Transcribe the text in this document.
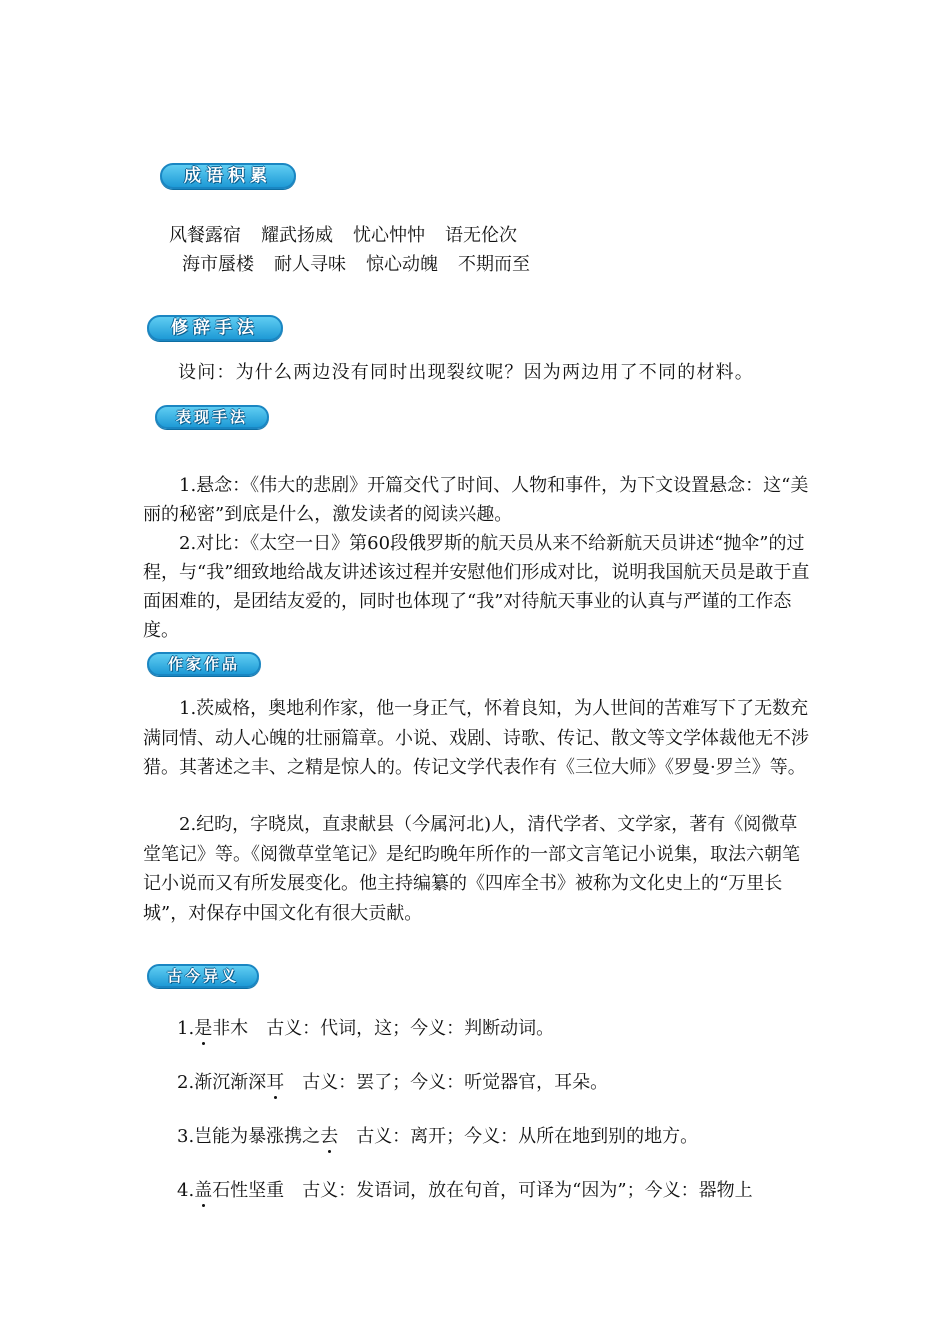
成语积累
风餐露宿 耀武扬威 忧心忡忡 语无伦次
海市蜃楼 耐人寻味 惊心动魄 不期而至
修辞手法
设问：为什么两边没有同时出现裂纹呢？因为两边用了不同的材料。
表现手法
1.悬念：《伟大的悲剧》开篇交代了时间、人物和事件，为下文设置悬念：这“美丽的秘密”到底是什么，激发读者的阅读兴趣。
2.对比：《太空一日》第60段俄罗斯的航天员从来不给新航天员讲述“抛伞”的过程，与“我”细致地给战友讲述该过程并安慰他们形成对比，说明我国航天员是敢于直面困难的，是团结友爱的，同时也体现了“我”对待航天事业的认真与严谨的工作态度。
作家作品
1.茨威格，奥地利作家，他一身正气，怀着良知，为人世间的苦难写下了无数充满同情、动人心魄的壮丽篇章。小说、戏剧、诗歌、传记、散文等文学体裁他无不涉猎。其著述之丰、之精是惊人的。传记文学代表作有《三位大师》《罗曼·罗兰》等。
2.纪昀，字晓岚，直隶献县（今属河北)人，清代学者、文学家，著有《阅微草堂笔记》等。《阅微草堂笔记》是纪昀晚年所作的一部文言笔记小说集，取法六朝笔记小说而又有所发展变化。他主持编纂的《四库全书》被称为文化史上的“万里长城”，对保存中国文化有很大贡献。
古今异义
1.是非木 古义：代词，这；今义：判断动词。
2.渐沉渐深耳 古义：罢了；今义：听觉器官，耳朵。
3.岂能为暴涨携之去 古义：离开；今义：从所在地到别的地方。
4.盖石性坚重 古义：发语词，放在句首，可译为“因为”；今义：器物上
